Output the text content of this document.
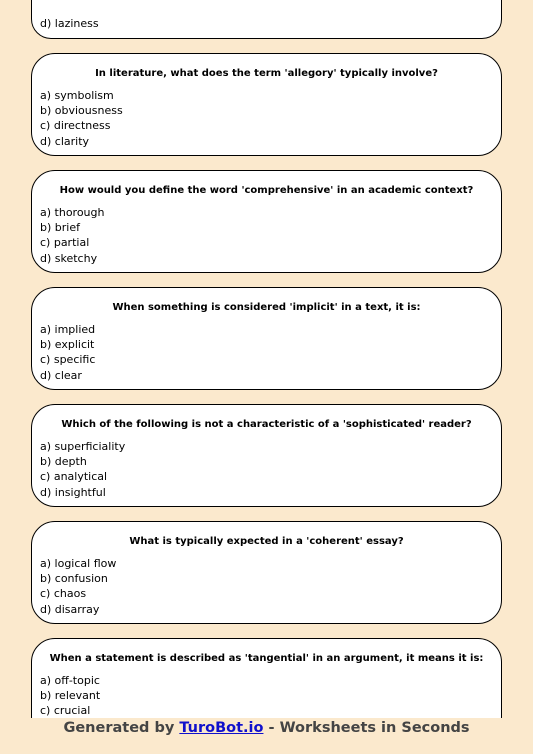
d) laziness
In literature, what does the term 'allegory' typically involve?
a) symbolism
b) obviousness
c) directness
d) clarity
How would you define the word 'comprehensive' in an academic context?
a) thorough
b) brief
c) partial
d) sketchy
When something is considered 'implicit' in a text, it is:
a) implied
b) explicit
c) specific
d) clear
Which of the following is not a characteristic of a 'sophisticated' reader?
a) superficiality
b) depth
c) analytical
d) insightful
What is typically expected in a 'coherent' essay?
a) logical flow
b) confusion
c) chaos
d) disarray
When a statement is described as 'tangential' in an argument, it means it is:
a) off-topic
b) relevant
c) crucial
Generated by TuroBot.io - Worksheets in Seconds
